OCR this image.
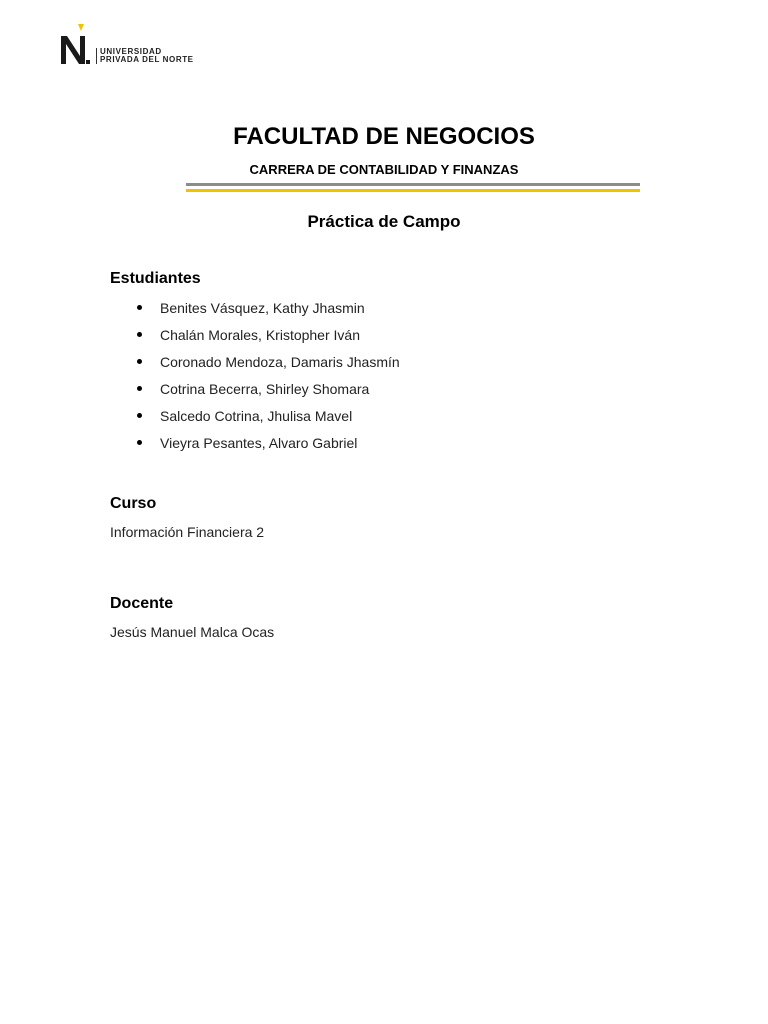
UNIVERSIDAD
PRIVADA DEL NORTE
FACULTAD DE NEGOCIOS
CARRERA DE CONTABILIDAD Y FINANZAS
Práctica de Campo
Estudiantes
Benites Vásquez, Kathy Jhasmin
Chalán Morales, Kristopher Iván
Coronado Mendoza, Damaris Jhasmín
Cotrina Becerra, Shirley Shomara
Salcedo Cotrina, Jhulisa Mavel
Vieyra Pesantes, Alvaro Gabriel
Curso

Información Financiera 2

Docente

Jesús Manuel Malca Ocas
